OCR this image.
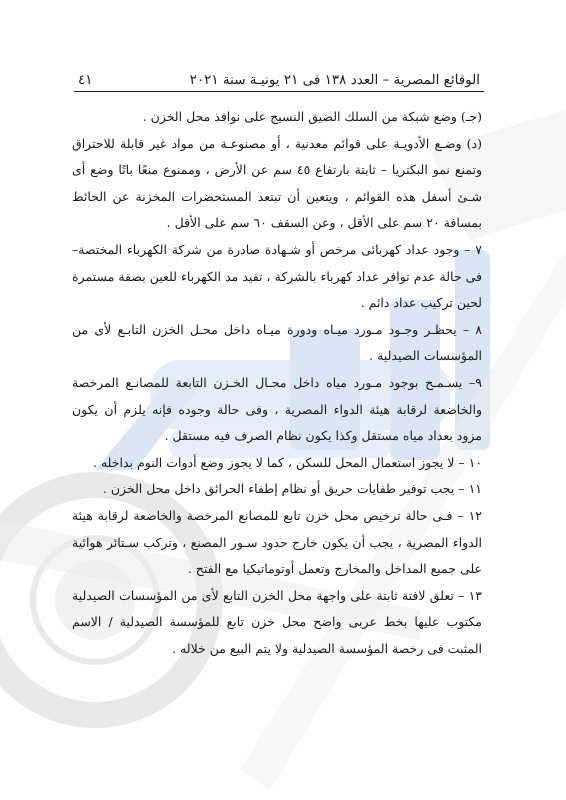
الوقائع المصرية – العدد ١٣٨ فى ٢١ يونيـة سنة ٢٠٢١
٤١

(جـ) وضع شبكة من السلك الضيق النسيج على نوافذ محل الخزن .

(د) وضـع الأدويـة على قوائم معدنية ، أو مصنوعـة من مواد غير قابلة للاحتراق وتمنع نمو البكتريا – ثابتة بارتفاع ٤٥ سم عن الأرض ، وممنوع منعًا باتًا وضع أى شـئ أسفل هذه القوائم ، ويتعين أن تبتعد المستحضرات المخزنة عن الحائط بمسافة ٢٠ سم على الأقل ، وعن السقف ٦٠ سم على الأقل .

٧ – وجود عداد كهربائى مرخص أو شـهادة صادرة من شركة الكهرباء المختصة– فى حالة عدم توافر عداد كهرباء بالشركة ، تفيد مد الكهرباء للعين بصفة مستمرة لحين تركيب عداد دائم .

٨ – يحظـر وجـود مـورد ميـاه ودورة ميـاه داخل محـل الخزن التابـع لأى من المؤسسات الصيدلية .

٩– يسـمـح بوجود مـورد مياه داخل محـال الخـزن التابعة للمصانـع المرخصة والخاضعة لرقابة هيئة الدواء المصرية ، وفى حالة وجوده فإنه يلزم أن يكون مزود بعداد مياه مستقل وكذا يكون نظام الصرف فيه مستقل .

١٠ – لا يجوز استعمال المحل للسكن ، كما لا يجوز وضع أدوات النوم بداخله .

١١ – يجب توفير طفايات حريق أو نظام إطفاء الحرائق داخل محل الخزن .

١٢ – فـى حالة ترخيص محل خزن تابع للمصانع المرخصة والخاضعة لرقابة هيئة الدواء المصرية ، يجب أن يكون خارج حدود سـور المصنع ، وتركب سـتائر هوائية على جميع المداخل والمخارج وتعمل أوتوماتيكيا مع الفتح .

١٣ – تعلق لافتة ثابتة على واجهة محل الخزن التابع لأى من المؤسسات الصيدلية مكتوب عليها بخط عربى واضح محل خزن تابع للمؤسسة الصيدلية / الاسم المثبت فى رخصة المؤسسة الصيدلية ولا يتم البيع من خلاله .
